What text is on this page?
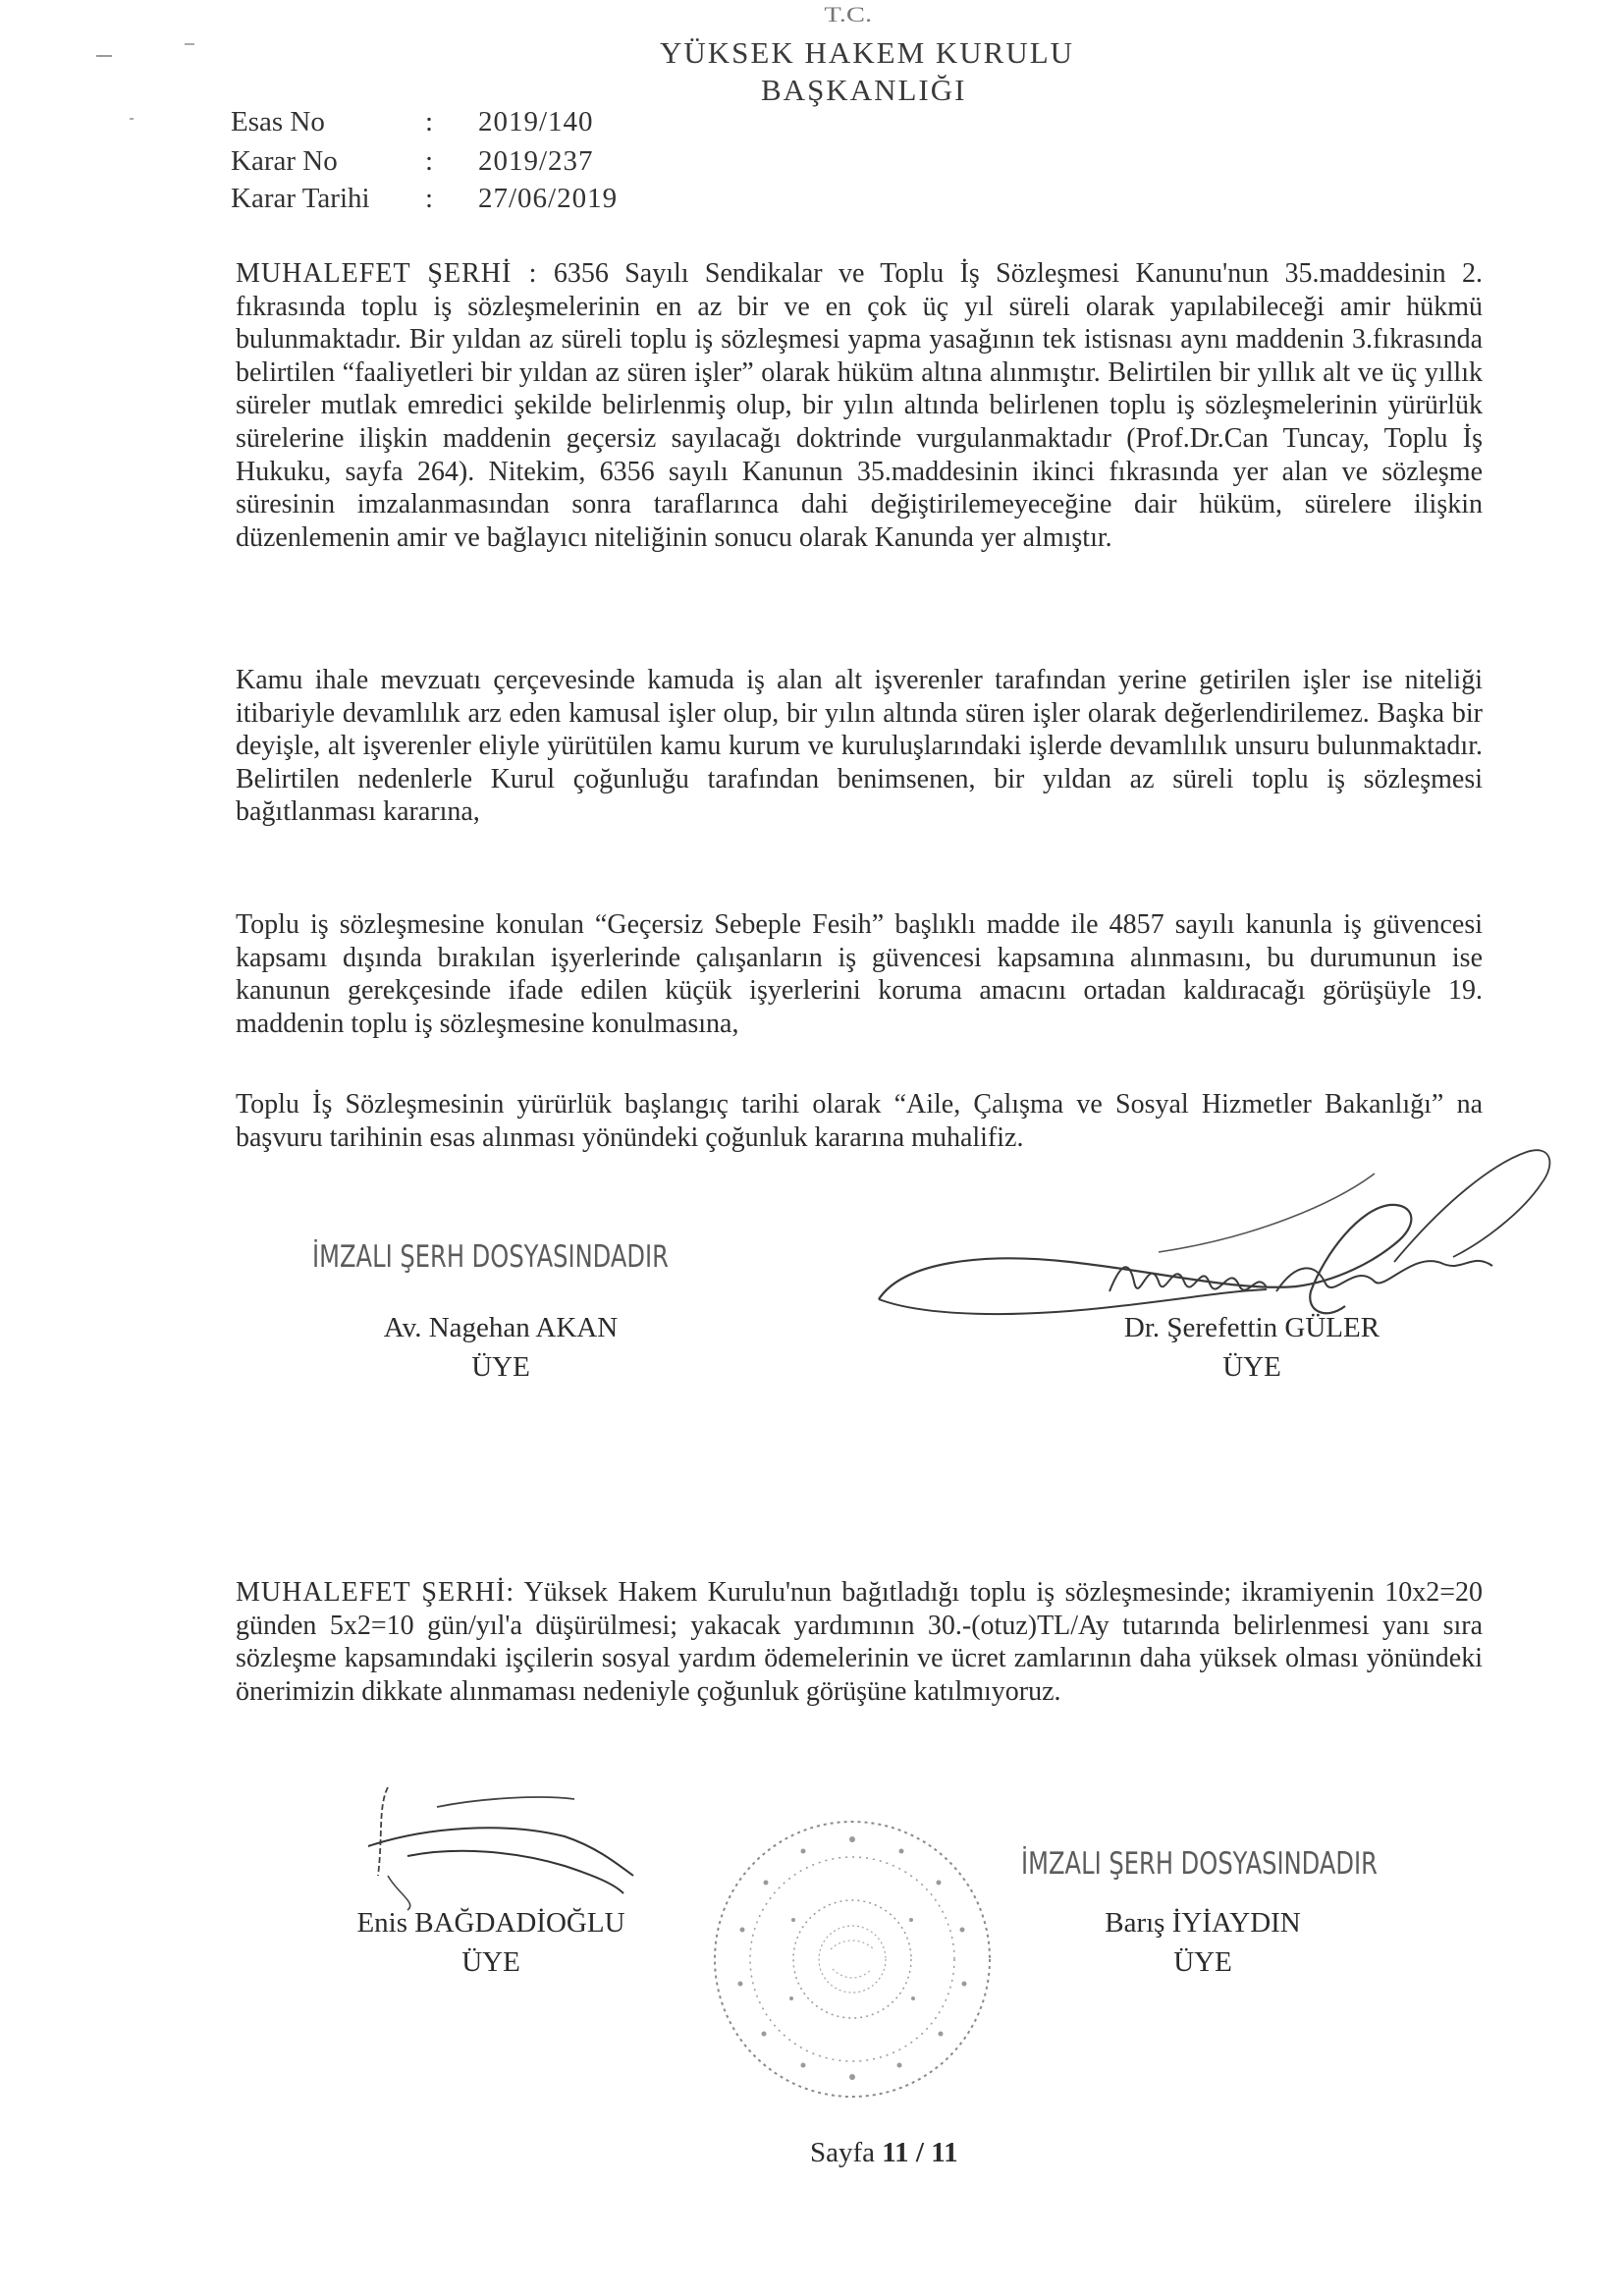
T.C.
YÜKSEK HAKEM KURULU
BAŞKANLIĞI
Esas No	: 2019/140
Karar No	: 2019/237
Karar Tarihi : 27/06/2019
MUHALEFET ŞERHİ : 6356 Sayılı Sendikalar ve Toplu İş Sözleşmesi Kanunu'nun 35.maddesinin 2. fıkrasında toplu iş sözleşmelerinin en az bir ve en çok üç yıl süreli olarak yapılabileceği amir hükmü bulunmaktadır. Bir yıldan az süreli toplu iş sözleşmesi yapma yasağının tek istisnası aynı maddenin 3.fıkrasında belirtilen “faaliyetleri bir yıldan az süren işler” olarak hüküm altına alınmıştır. Belirtilen bir yıllık alt ve üç yıllık süreler mutlak emredici şekilde belirlenmiş olup, bir yılın altında belirlenen toplu iş sözleşmelerinin yürürlük sürelerine ilişkin maddenin geçersiz sayılacağı doktrinde vurgulanmaktadır (Prof.Dr.Can Tuncay, Toplu İş Hukuku, sayfa 264). Nitekim, 6356 sayılı Kanunun 35.maddesinin ikinci fıkrasında yer alan ve sözleşme süresinin imzalanmasından sonra taraflarınca dahi değiştirilemeyeceğine dair hüküm, sürelere ilişkin düzenlemenin amir ve bağlayıcı niteliğinin sonucu olarak Kanunda yer almıştır.
Kamu ihale mevzuatı çerçevesinde kamuda iş alan alt işverenler tarafından yerine getirilen işler ise niteliği itibariyle devamlılık arz eden kamusal işler olup, bir yılın altında süren işler olarak değerlendirilemez. Başka bir deyişle, alt işverenler eliyle yürütülen kamu kurum ve kuruluşlarındaki işlerde devamlılık unsuru bulunmaktadır. Belirtilen nedenlerle Kurul çoğunluğu tarafından benimsenen, bir yıldan az süreli toplu iş sözleşmesi bağıtlanması kararına,
Toplu iş sözleşmesine konulan “Geçersiz Sebeple Fesih” başlıklı madde ile 4857 sayılı kanunla iş güvencesi kapsamı dışında bırakılan işyerlerinde çalışanların iş güvencesi kapsamına alınmasını, bu durumunun ise kanunun gerekçesinde ifade edilen küçük işyerlerini koruma amacını ortadan kaldıracağı görüşüyle 19. maddenin toplu iş sözleşmesine konulmasına,
Toplu İş Sözleşmesinin yürürlük başlangıç tarihi olarak “Aile, Çalışma ve Sosyal Hizmetler Bakanlığı” na başvuru tarihinin esas alınması yönündeki çoğunluk kararına muhalifiz.
İMZALI ŞERH DOSYASINDADIR
Av. Nagehan AKAN
ÜYE
Dr. Şerefettin GÜLER
ÜYE
MUHALEFET ŞERHİ: Yüksek Hakem Kurulu'nun bağıtladığı toplu iş sözleşmesinde; ikramiyenin 10x2=20 günden 5x2=10 gün/yıl'a düşürülmesi; yakacak yardımının 30.-(otuz)TL/Ay tutarında belirlenmesi yanı sıra sözleşme kapsamındaki işçilerin sosyal yardım ödemelerinin ve ücret zamlarının daha yüksek olması yönündeki önerimizin dikkate alınmaması nedeniyle çoğunluk görüşüne katılmıyoruz.
Enis BAĞDADİOĞLU
ÜYE
İMZALI ŞERH DOSYASINDADIR
Barış İYİAYDIN
ÜYE
Sayfa 11 / 11
